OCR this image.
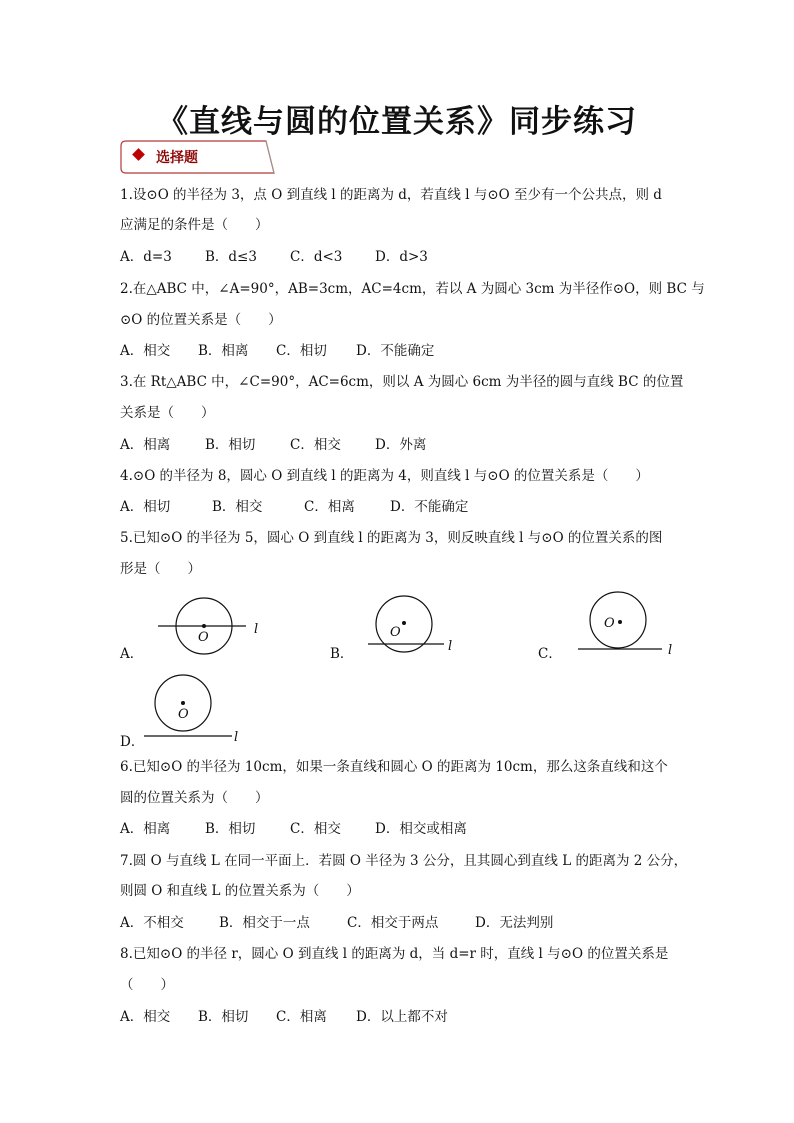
《直线与圆的位置关系》同步练习
选择题
1.设⊙O 的半径为 3，点 O 到直线 l 的距离为 d，若直线 l 与⊙O 至少有一个公共点，则 d
应满足的条件是（　　）
A．d=3 B．d≤3 C．d<3 D．d>3
2.在△ABC 中，∠A=90°，AB=3cm，AC=4cm，若以 A 为圆心 3cm 为半径作⊙O，则 BC 与
⊙O 的位置关系是（　　）
A．相交 B．相离 C．相切 D．不能确定
3.在 Rt△ABC 中，∠C=90°，AC=6cm，则以 A 为圆心 6cm 为半径的圆与直线 BC 的位置
关系是（　　）
A．相离	B．相切	C．相交	D．外离
4.⊙O 的半径为 8，圆心 O 到直线 l 的距离为 4，则直线 l 与⊙O 的位置关系是（　　）
A．相切	B．相交	C．相离	D．不能确定
5.已知⊙O 的半径为 5，圆心 O 到直线 l 的距离为 3，则反映直线 l 与⊙O 的位置关系的图
形是（　　）
A．
O
l
B．
O
l	C．
O
l
D．
O
l
6.已知⊙O 的半径为 10cm，如果一条直线和圆心 O 的距离为 10cm，那么这条直线和这个
圆的位置关系为（　　）
A．相离	B．相切	C．相交	D．相交或相离
7.圆 O 与直线 L 在同一平面上．若圆 O 半径为 3 公分，且其圆心到直线 L 的距离为 2 公分，
则圆 O 和直线 L 的位置关系为（　　）
A．不相交	B．相交于一点	C．相交于两点	D．无法判别
8.已知⊙O 的半径 r，圆心 O 到直线 l 的距离为 d，当 d=r 时，直线 l 与⊙O 的位置关系是
（　　）
A．相交 B．相切 C．相离 D．以上都不对
